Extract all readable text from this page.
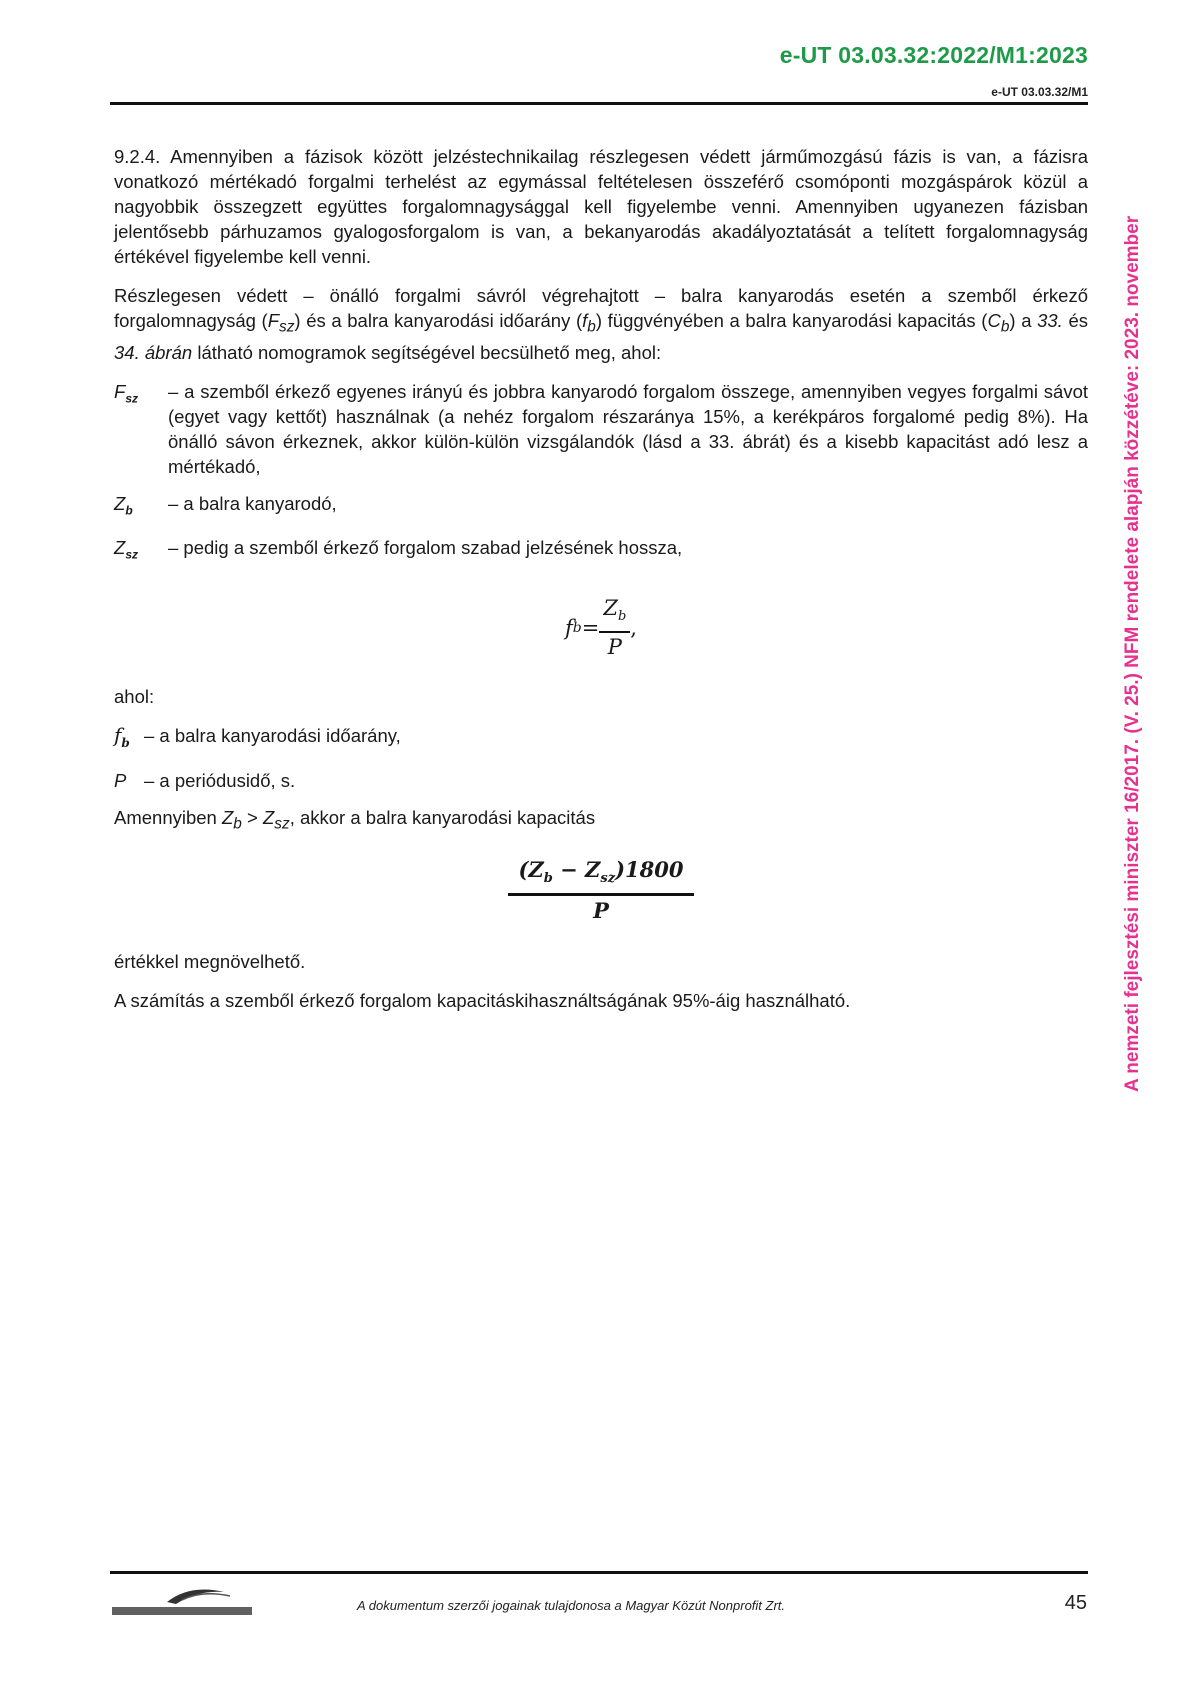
e-UT 03.03.32:2022/M1:2023
e-UT 03.03.32/M1

9.2.4. Amennyiben a fázisok között jelzéstechnikailag részlegesen védett járműmozgású fázis is van, a fázisra vonatkozó mértékadó forgalmi terhelést az egymással feltételesen összeférő csomóponti mozgáspárok közül a nagyobbik összegzett együttes forgalomnagysággal kell figyelembe venni. Amennyiben ugyanezen fázisban jelentősebb párhuzamos gyalogosforgalom is van, a bekanyarodás akadályoztatását a telített forgalomnagyság értékével figyelembe kell venni.

Részlegesen védett – önálló forgalmi sávról végrehajtott – balra kanyarodás esetén a szemből érkező forgalomnagyság $(F_{sz})$ és a balra kanyarodási időarány $(f_b)$ függvényében a balra kanyarodási kapacitás $(C_b)$ a 33. és 34. ábrán látható nomogramok segítségével becsülhető meg, ahol:

$F_{sz}$	– a szemből érkező egyenes irányú és jobbra kanyarodó forgalom összege, amennyiben vegyes forgalmi sávot (egyet vagy kettőt) használnak (a nehéz forgalom részaránya 15%, a kerékpáros forgalomé pedig 8%). Ha önálló sávon érkeznek, akkor külön-külön vizsgálandók (lásd a 33. ábrát) és a kisebb kapacitást adó lesz a mértékadó,
$Z_b$	– a balra kanyarodó,
$Z_{sz}$	– pedig a szemből érkező forgalom szabad jelzésének hossza,
f $b = \frac{Z_b}{P}$ ,

ahol:

$f_b$ – a balra kanyarodási időarány,
P – a periódusidő, s.

Amennyiben $Z_b > Z_{sz}$, akkor a balra kanyarodási kapacitás

$\frac{(Z_b - Z_{sz})1800}{P}$

értékkel megnövelhető.

A számítás a szemből érkező forgalom kapacitáskihasználtságának 95%-áig használható.

A dokumentum szerzői jogainak tulajdonosa a Magyar Közút Nonprofit Zrt.	45
A nemzeti fejlesztési miniszter 16/2017. (V. 25.) NFM rendelete alapján közzétéve: 2023. november
